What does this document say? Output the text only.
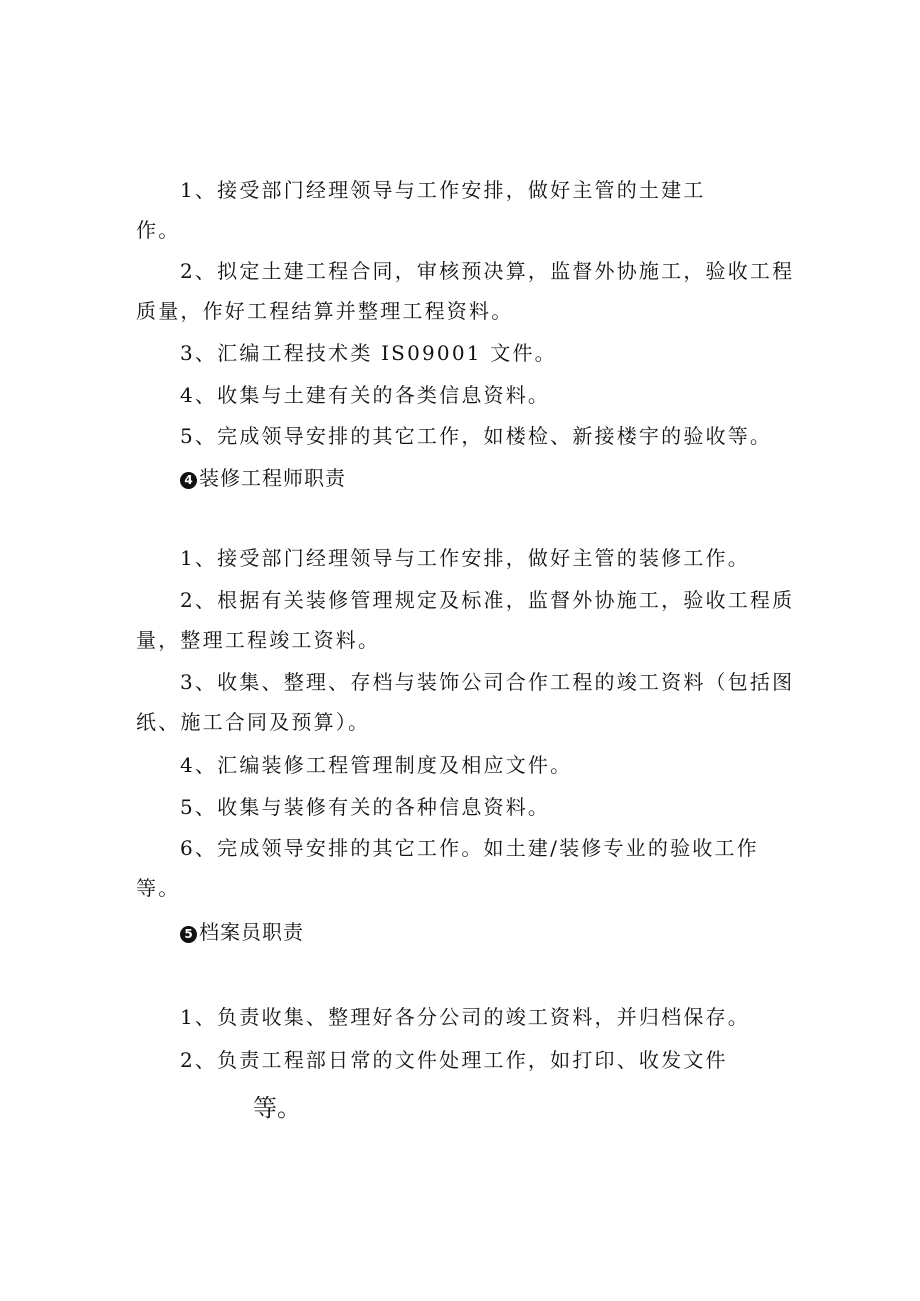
1、接受部门经理领导与工作安排，做好主管的土建工
作。
2、拟定土建工程合同，审核预决算，监督外协施工，验收工程
质量，作好工程结算并整理工程资料。
3、汇编工程技术类 IS09001 文件。
4、收集与土建有关的各类信息资料。
5、完成领导安排的其它工作，如楼检、新接楼宇的验收等。
4 装修工程师职责
1、接受部门经理领导与工作安排，做好主管的装修工作。
2、根据有关装修管理规定及标准，监督外协施工，验收工程质
量，整理工程竣工资料。
3、收集、整理、存档与装饰公司合作工程的竣工资料（包括图
纸、施工合同及预算）。
4、汇编装修工程管理制度及相应文件。
5、收集与装修有关的各种信息资料。
6、完成领导安排的其它工作。如土建/装修专业的验收工作
等。
5 档案员职责
1、负责收集、整理好各分公司的竣工资料，并归档保存。
2、负责工程部日常的文件处理工作，如打印、收发文件
等。
